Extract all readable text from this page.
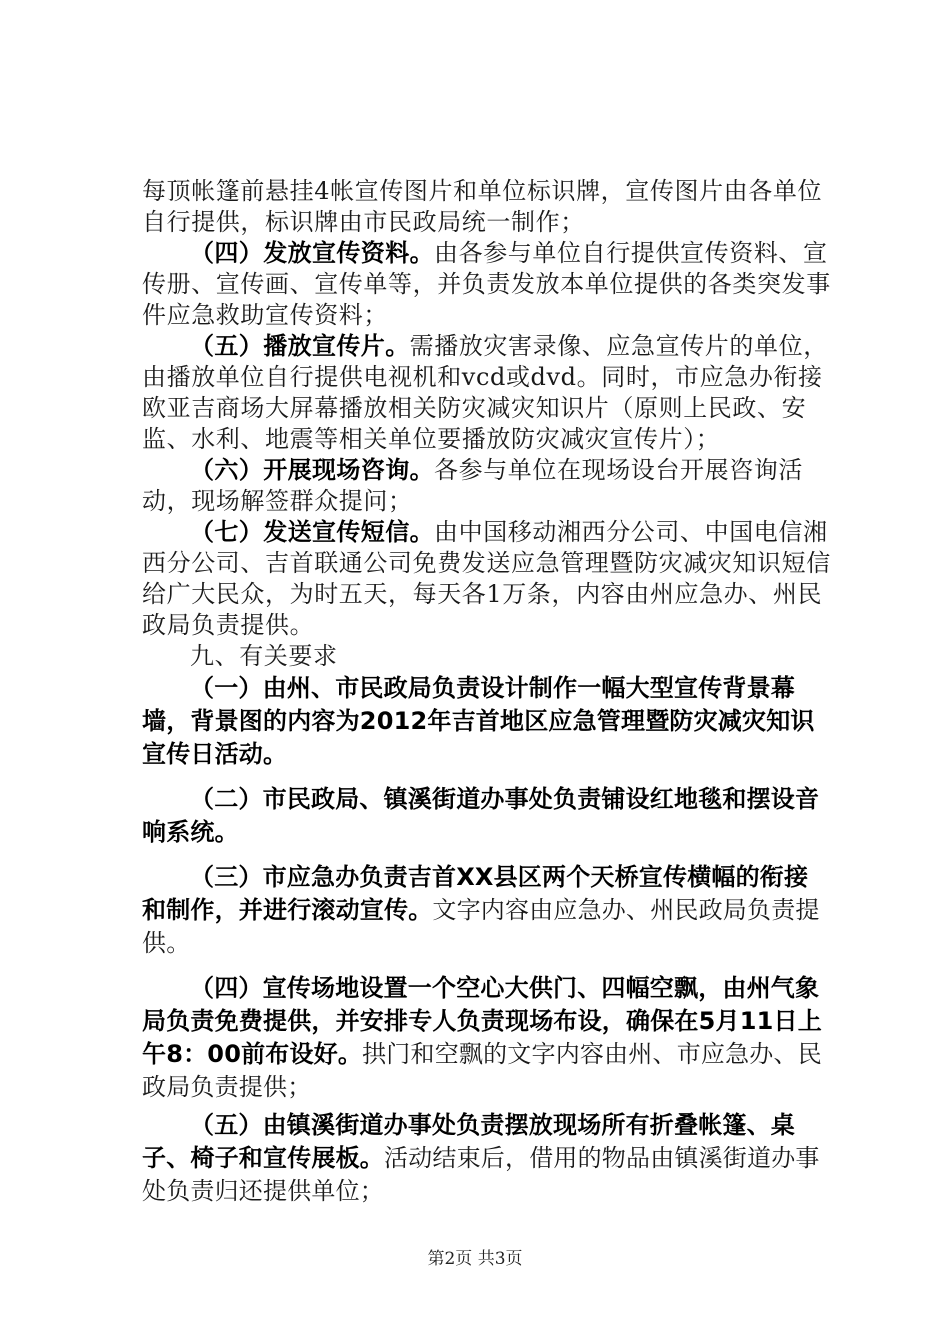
每顶帐篷前悬挂4帐宣传图片和单位标识牌，宣传图片由各单位自行提供，标识牌由市民政局统一制作；

（四）发放宣传资料。由各参与单位自行提供宣传资料、宣传册、宣传画、宣传单等，并负责发放本单位提供的各类突发事件应急救助宣传资料；

（五）播放宣传片。需播放灾害录像、应急宣传片的单位，由播放单位自行提供电视机和vcd或dvd。同时，市应急办衔接欧亚吉商场大屏幕播放相关防灾减灾知识片（原则上民政、安监、水利、地震等相关单位要播放防灾减灾宣传片）；

（六）开展现场咨询。各参与单位在现场设台开展咨询活动，现场解签群众提问；

（七）发送宣传短信。由中国移动湘西分公司、中国电信湘西分公司、吉首联通公司免费发送应急管理暨防灾减灾知识短信给广大民众，为时五天，每天各1万条，内容由州应急办、州民政局负责提供。

九、有关要求

（一）由州、市民政局负责设计制作一幅大型宣传背景幕墙，背景图的内容为2012年吉首地区应急管理暨防灾减灾知识宣传日活动。

（二）市民政局、镇溪街道办事处负责铺设红地毯和摆设音响系统。

（三）市应急办负责吉首XX县区两个天桥宣传横幅的衔接和制作，并进行滚动宣传。文字内容由应急办、州民政局负责提供。

（四）宣传场地设置一个空心大供门、四幅空飘，由州气象局负责免费提供，并安排专人负责现场布设，确保在5月11日上午8：00前布设好。拱门和空飘的文字内容由州、市应急办、民政局负责提供；

（五）由镇溪街道办事处负责摆放现场所有折叠帐篷、桌子、椅子和宣传展板。活动结束后，借用的物品由镇溪街道办事处负责归还提供单位；

第2页 共3页
